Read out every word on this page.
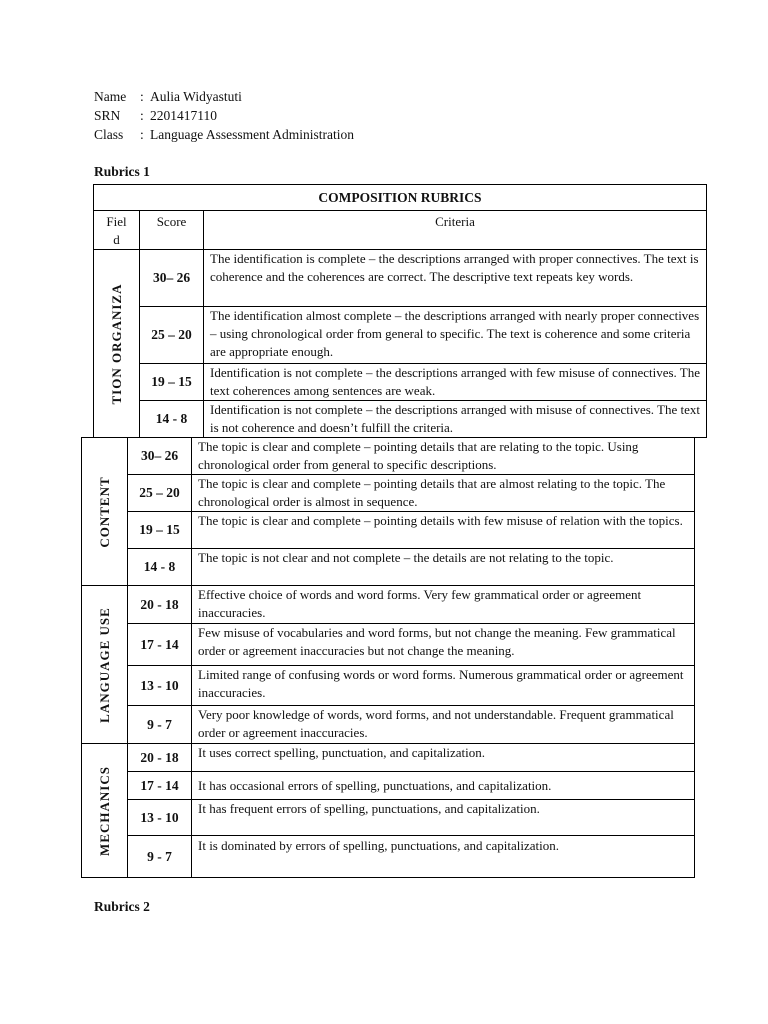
Name : Aulia Widyastuti
SRN : 2201417110
Class : Language Assessment Administration
Rubrics 1
COMPOSITION RUBRICS		
Fiel
d	Score	Criteria

TION ORGANIZA	30– 26	The identification is complete – the descriptions arranged with proper connectives. The text is coherence and the coherences are correct. The descriptive text repeats key words.
	25 – 20	The identification almost complete – the descriptions arranged with nearly proper connectives – using chronological order from general to specific. The text is coherence and some criteria are appropriate enough.
	19 – 15	Identification is not complete – the descriptions arranged with few misuse of connectives. The text coherences among sentences are weak.
	14 - 8	Identification is not complete – the descriptions arranged with misuse of connectives. The text is not coherence and doesn’t fulfill the criteria.
CONTENT	30– 26	The topic is clear and complete – pointing details that are relating to the topic. Using chronological order from general to specific descriptions.
	25 – 20	The topic is clear and complete – pointing details that are almost relating to the topic. The chronological order is almost in sequence.
	19 – 15	The topic is clear and complete – pointing details with few misuse of relation with the topics.
	14 - 8	The topic is not clear and not complete – the details are not relating to the topic.

LANGUAGE USE	20 - 18	Effective choice of words and word forms. Very few grammatical order or agreement inaccuracies.
	17 - 14	Few misuse of vocabularies and word forms, but not change the meaning. Few grammatical order or agreement inaccuracies but not change the meaning.
	13 - 10	Limited range of confusing words or word forms. Numerous grammatical order or agreement inaccuracies.
	9 - 7	Very poor knowledge of words, word forms, and not understandable. Frequent grammatical order or agreement inaccuracies.

MECHANICS	20 - 18	It uses correct spelling, punctuation, and capitalization.
	17 - 14	It has occasional errors of spelling, punctuations, and capitalization.
	13 - 10	It has frequent errors of spelling, punctuations, and capitalization.
	9 - 7	It is dominated by errors of spelling, punctuations, and capitalization.
Rubrics 2
